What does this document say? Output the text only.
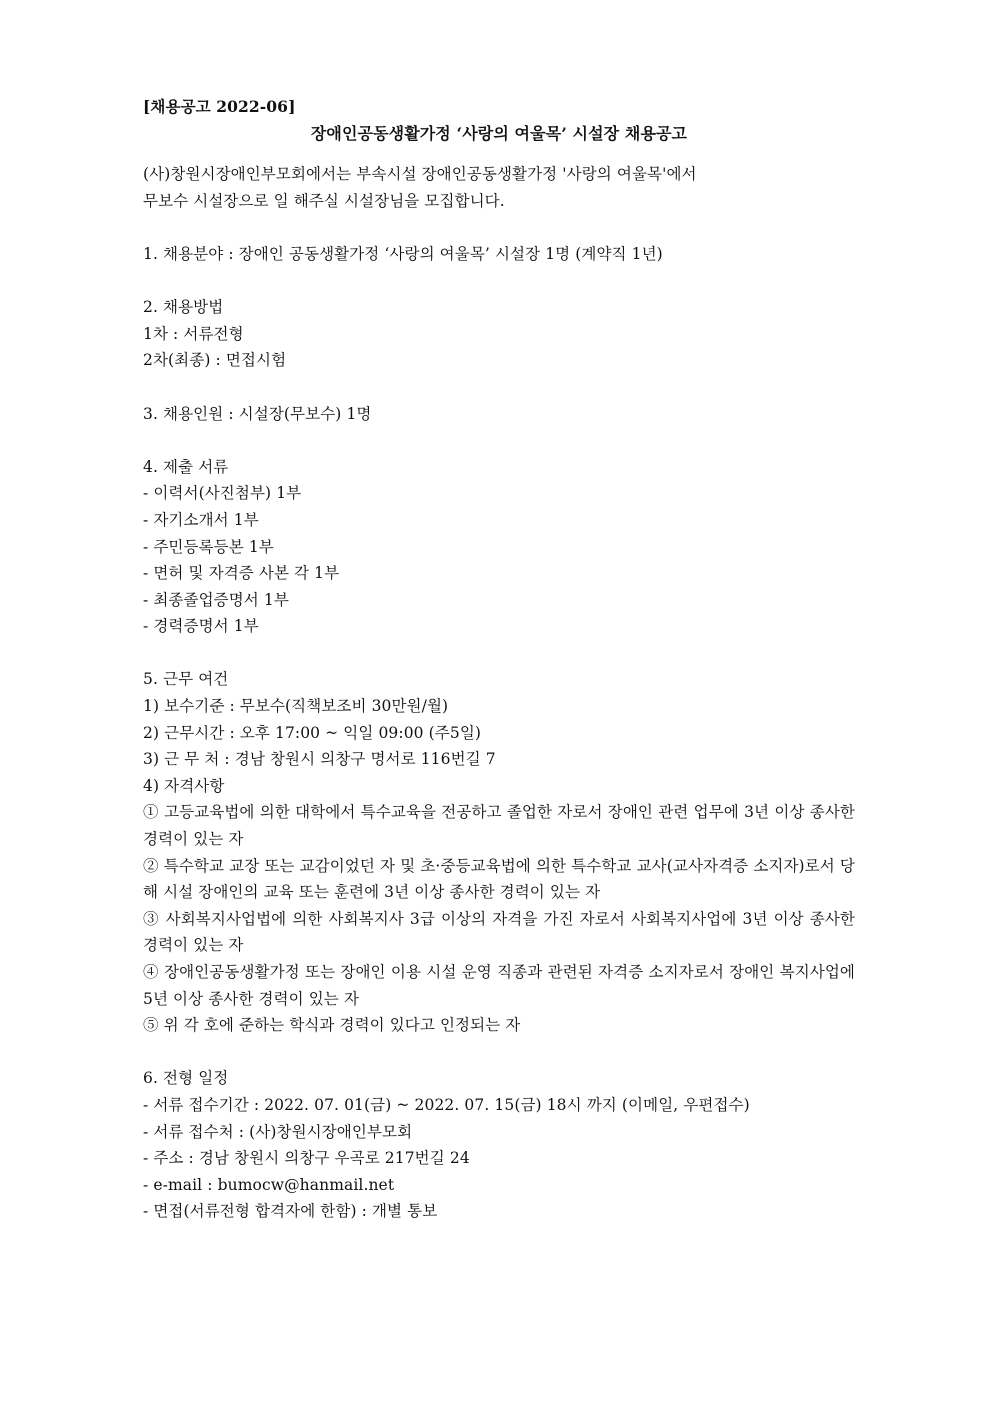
[채용공고 2022-06]
장애인공동생활가정 ‘사랑의 여울목’ 시설장 채용공고
(사)창원시장애인부모회에서는 부속시설 장애인공동생활가정 '사랑의 여울목'에서
무보수 시설장으로 일 해주실 시설장님을 모집합니다.
1. 채용분야 : 장애인 공동생활가정 ‘사랑의 여울목’ 시설장 1명 (계약직 1년)
2. 채용방법
1차 : 서류전형
2차(최종) : 면접시험
3. 채용인원 : 시설장(무보수) 1명
4. 제출 서류
- 이력서(사진첨부) 1부
- 자기소개서 1부
- 주민등록등본 1부
- 면허 및 자격증 사본 각 1부
- 최종졸업증명서 1부
- 경력증명서 1부
5. 근무 여건
1) 보수기준 : 무보수(직책보조비 30만원/월)
2) 근무시간 : 오후 17:00 ~ 익일 09:00 (주5일)
3) 근 무 처 : 경남 창원시 의창구 명서로 116번길 7
4) 자격사항
① 고등교육법에 의한 대학에서 특수교육을 전공하고 졸업한 자로서 장애인 관련 업무에 3년 이상 종사한 경력이 있는 자
② 특수학교 교장 또는 교감이었던 자 및 초·중등교육법에 의한 특수학교 교사(교사자격증 소지자)로서 당해 시설 장애인의 교육 또는 훈련에 3년 이상 종사한 경력이 있는 자
③ 사회복지사업법에 의한 사회복지사 3급 이상의 자격을 가진 자로서 사회복지사업에 3년 이상 종사한 경력이 있는 자
④ 장애인공동생활가정 또는 장애인 이용 시설 운영 직종과 관련된 자격증 소지자로서 장애인 복지사업에 5년 이상 종사한 경력이 있는 자
⑤ 위 각 호에 준하는 학식과 경력이 있다고 인정되는 자
6. 전형 일정
- 서류 접수기간 : 2022. 07. 01(금) ~ 2022. 07. 15(금) 18시 까지 (이메일, 우편접수)
- 서류 접수처 : (사)창원시장애인부모회
- 주소 : 경남 창원시 의창구 우곡로 217번길 24
- e-mail : bumocw@hanmail.net
- 면접(서류전형 합격자에 한함) : 개별 통보
